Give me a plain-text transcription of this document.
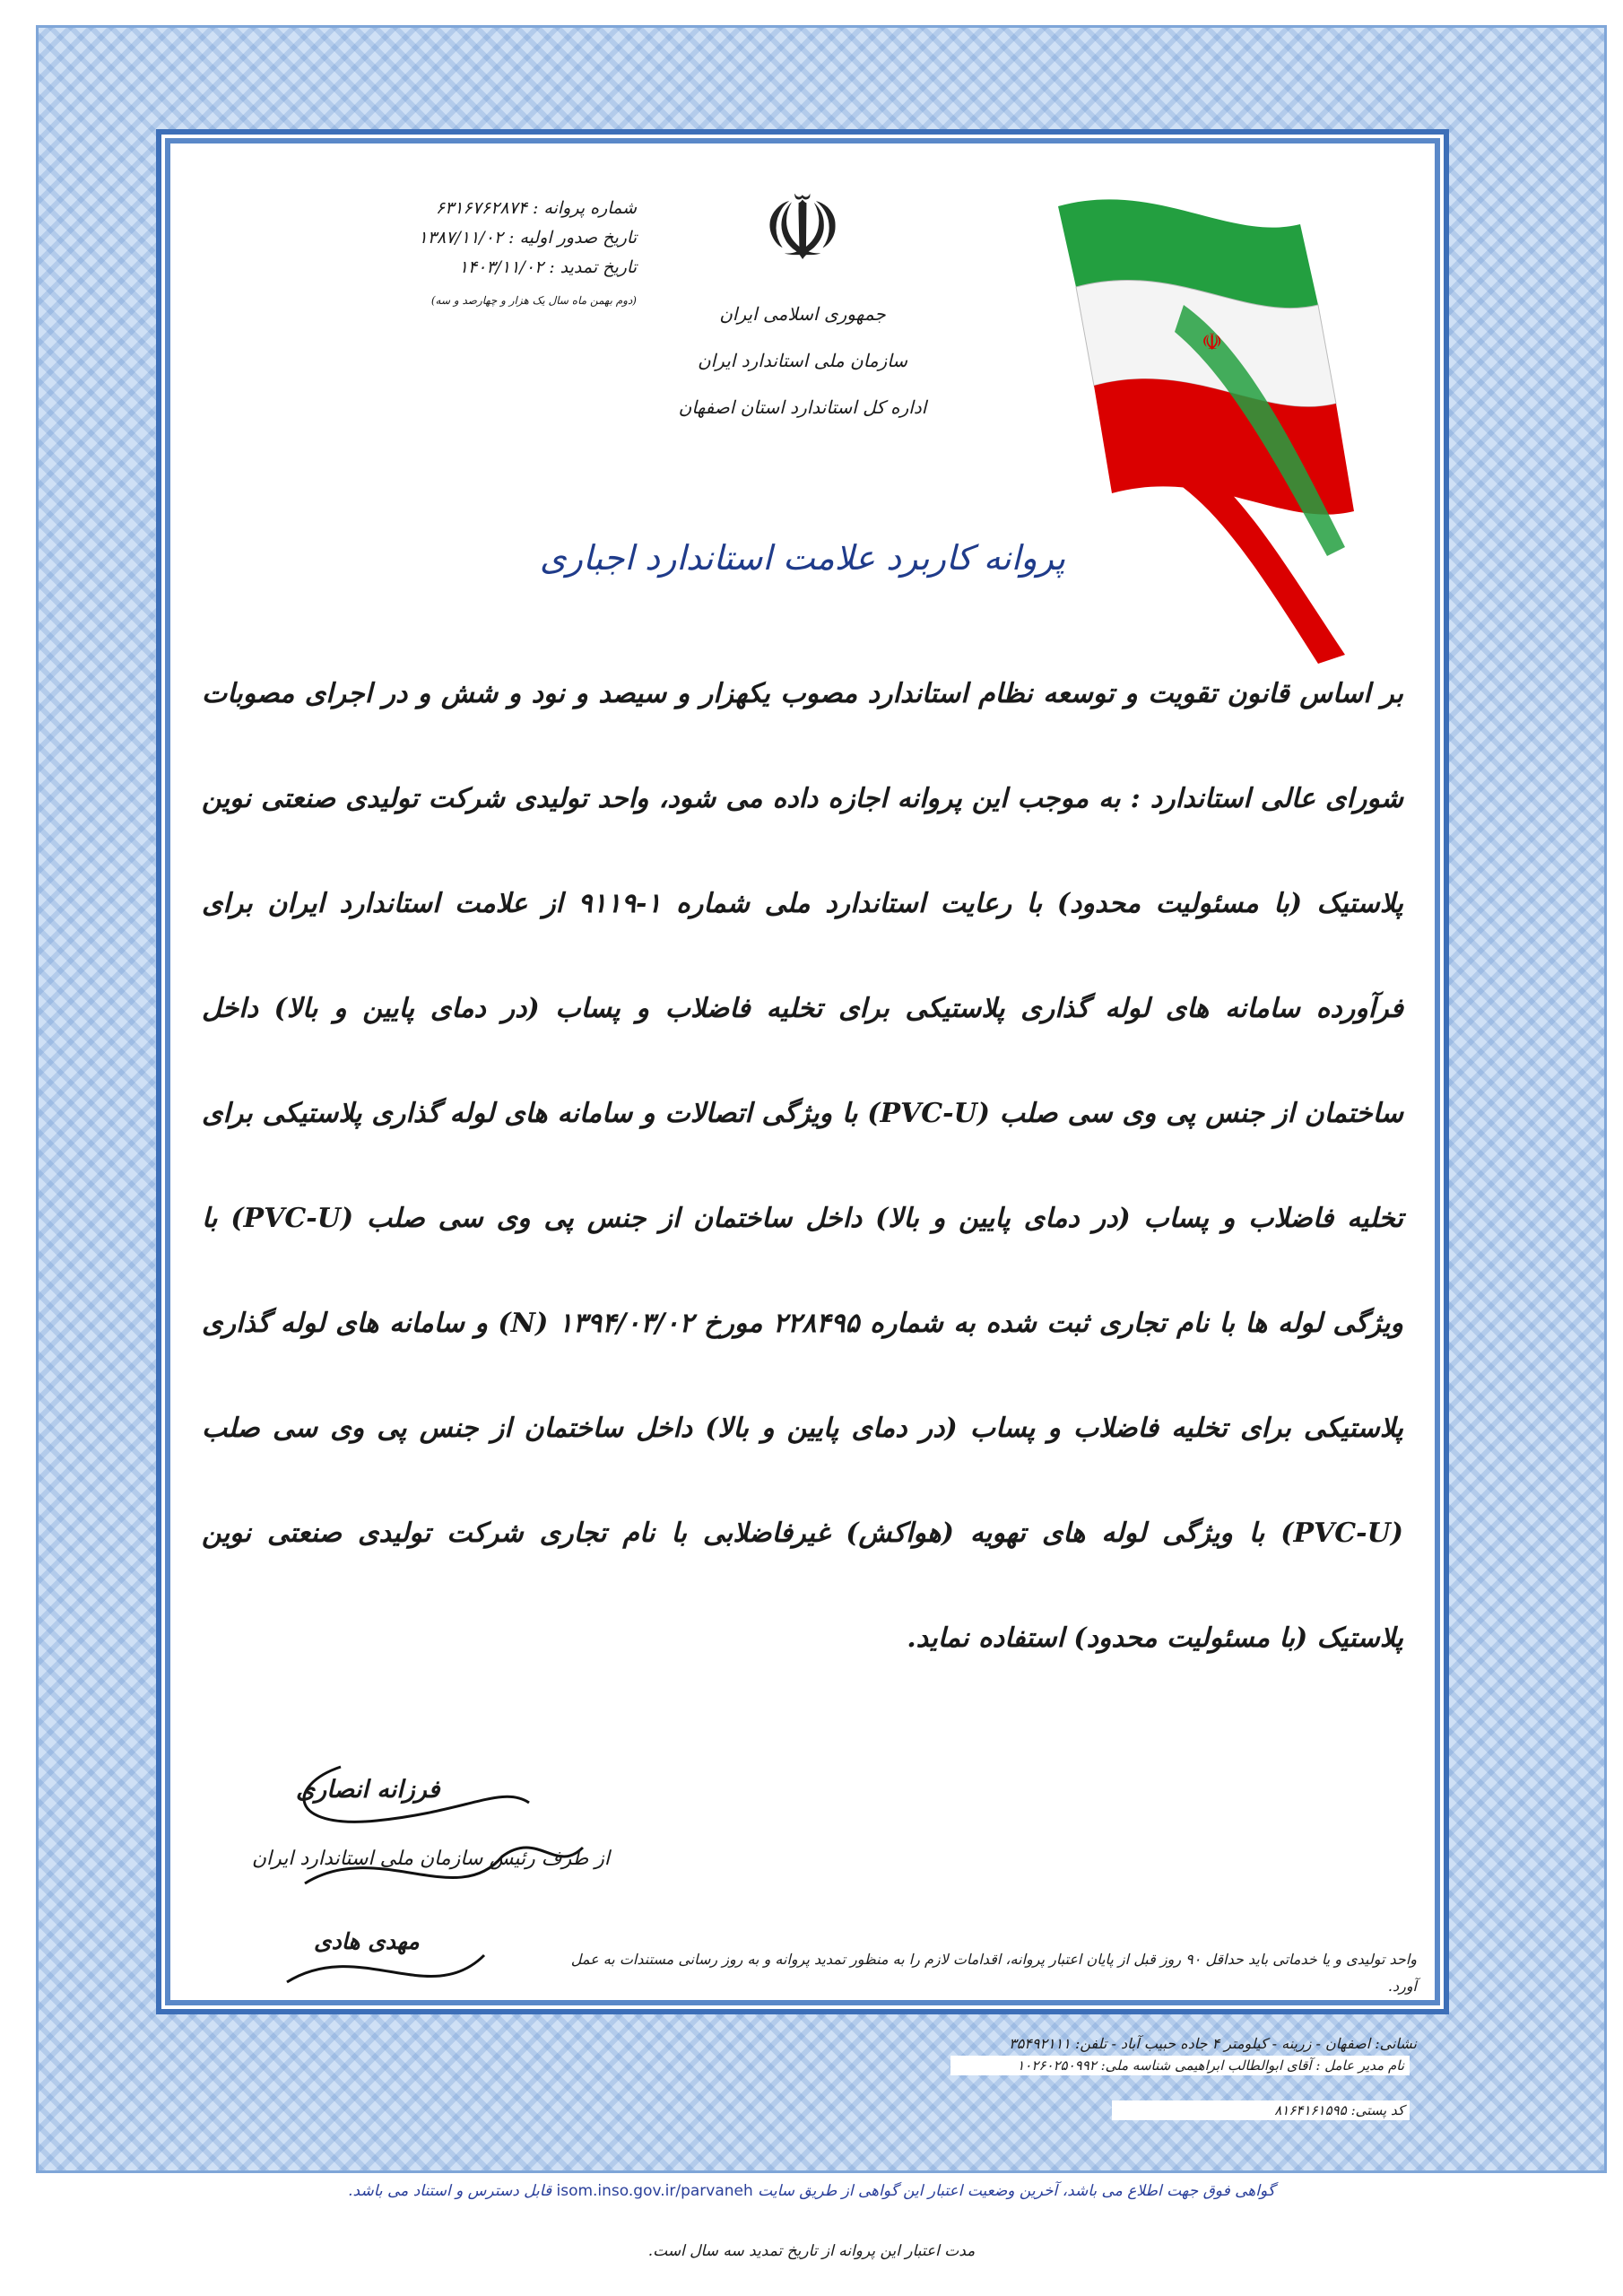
☫
☫
جمهوری اسلامی ایران
سازمان ملی استاندارد ایران
اداره کل استاندارد استان اصفهان
شماره پروانه : ۶۳۱۶۷۶۲۸۷۴
تاریخ صدور اولیه : ۱۳۸۷/۱۱/۰۲
تاریخ تمدید : ۱۴۰۳/۱۱/۰۲
(دوم بهمن ماه سال یک هزار و چهارصد و سه)
پروانه کاربرد علامت استاندارد اجباری
بر اساس قانون تقویت و توسعه نظام استاندارد مصوب یکهزار و سیصد و نود و شش و در اجرای مصوبات شورای عالی استاندارد : به موجب این پروانه اجازه داده می شود، واحد تولیدی شرکت تولیدی صنعتی نوین پلاستیک (با مسئولیت محدود) با رعایت استاندارد ملی شماره ۱-۹۱۱۹ از علامت استاندارد ایران برای فرآورده سامانه های لوله گذاری پلاستیکی برای تخلیه فاضلاب و پساب (در دمای پایین و بالا) داخل ساختمان از جنس پی وی سی صلب (PVC-U) با ویژگی اتصالات و سامانه های لوله گذاری پلاستیکی برای تخلیه فاضلاب و پساب (در دمای پایین و بالا) داخل ساختمان از جنس پی وی سی صلب (PVC-U) با ویژگی لوله ها با نام تجاری ثبت شده به شماره ۲۲۸۴۹۵ مورخ ۱۳۹۴/۰۳/۰۲ (N) و سامانه های لوله گذاری پلاستیکی برای تخلیه فاضلاب و پساب (در دمای پایین و بالا) داخل ساختمان از جنس پی وی سی صلب (PVC-U) با ویژگی لوله های تهویه (هواکش) غیرفاضلابی با نام تجاری شرکت تولیدی صنعتی نوین پلاستیک (با مسئولیت محدود) استفاده نماید.
فرزانه انصاری
از طرف رئیس سازمان ملی استاندارد ایران
مهدی هادی
واحد تولیدی و یا خدماتی باید حداقل ۹۰ روز قبل از پایان اعتبار پروانه، اقدامات لازم را به منظور تمدید پروانه و به روز رسانی مستندات به عمل آورد.
نشانی: اصفهان - زرینه - کیلومتر ۴ جاده حبیب آباد - تلفن: ۳۵۴۹۲۱۱۱
نام مدیر عامل : آقای ابوالطالب ابراهیمی شناسه ملی: ۱۰۲۶۰۲۵۰۹۹۲
کد پستی: ۸۱۶۴۱۶۱۵۹۵
گواهی فوق جهت اطلاع می باشد، آخرین وضعیت اعتبار این گواهی از طریق سایت isom.inso.gov.ir/parvaneh قابل دسترس و استناد می باشد.
مدت اعتبار این پروانه از تاریخ تمدید سه سال است.
